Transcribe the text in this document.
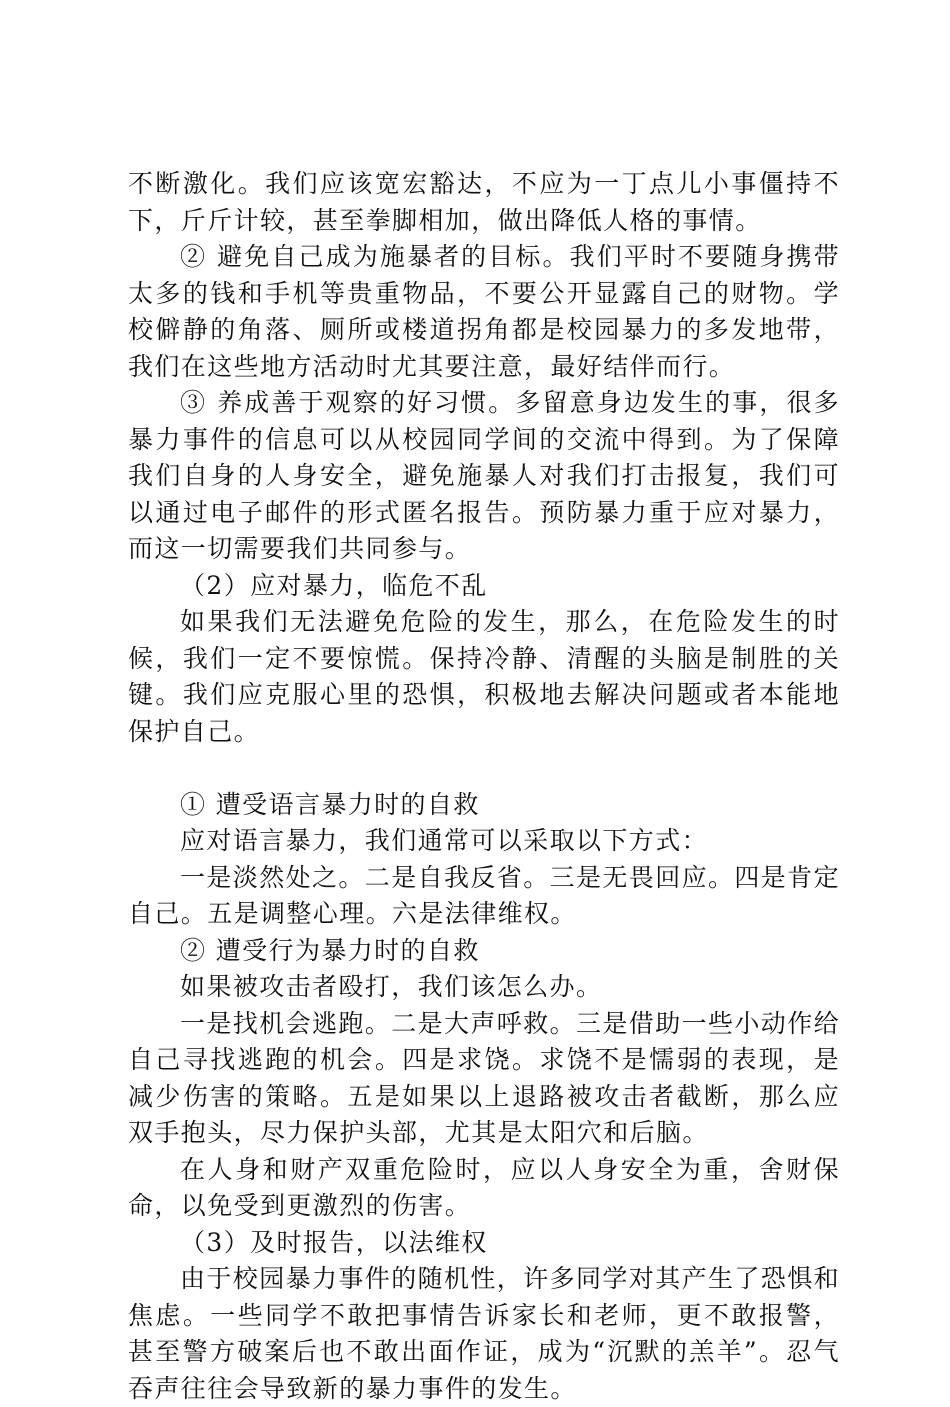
不断激化。我们应该宽宏豁达，不应为一丁点儿小事僵持不下，斤斤计较，甚至拳脚相加，做出降低人格的事情。

② 避免自己成为施暴者的目标。我们平时不要随身携带太多的钱和手机等贵重物品，不要公开显露自己的财物。学校僻静的角落、厕所或楼道拐角都是校园暴力的多发地带，我们在这些地方活动时尤其要注意，最好结伴而行。

③ 养成善于观察的好习惯。多留意身边发生的事，很多暴力事件的信息可以从校园同学间的交流中得到。为了保障我们自身的人身安全，避免施暴人对我们打击报复，我们可以通过电子邮件的形式匿名报告。预防暴力重于应对暴力，而这一切需要我们共同参与。

（2）应对暴力，临危不乱

如果我们无法避免危险的发生，那么，在危险发生的时候，我们一定不要惊慌。保持冷静、清醒的头脑是制胜的关键。我们应克服心里的恐惧，积极地去解决问题或者本能地保护自己。

① 遭受语言暴力时的自救

应对语言暴力，我们通常可以采取以下方式：

一是淡然处之。二是自我反省。三是无畏回应。四是肯定自己。五是调整心理。六是法律维权。

② 遭受行为暴力时的自救

如果被攻击者殴打，我们该怎么办。

一是找机会逃跑。二是大声呼救。三是借助一些小动作给自己寻找逃跑的机会。四是求饶。求饶不是懦弱的表现，是减少伤害的策略。五是如果以上退路被攻击者截断，那么应双手抱头，尽力保护头部，尤其是太阳穴和后脑。

在人身和财产双重危险时，应以人身安全为重，舍财保命，以免受到更激烈的伤害。

（3）及时报告，以法维权

由于校园暴力事件的随机性，许多同学对其产生了恐惧和焦虑。一些同学不敢把事情告诉家长和老师，更不敢报警，甚至警方破案后也不敢出面作证，成为“沉默的羔羊”。忍气吞声往往会导致新的暴力事件的发生。
